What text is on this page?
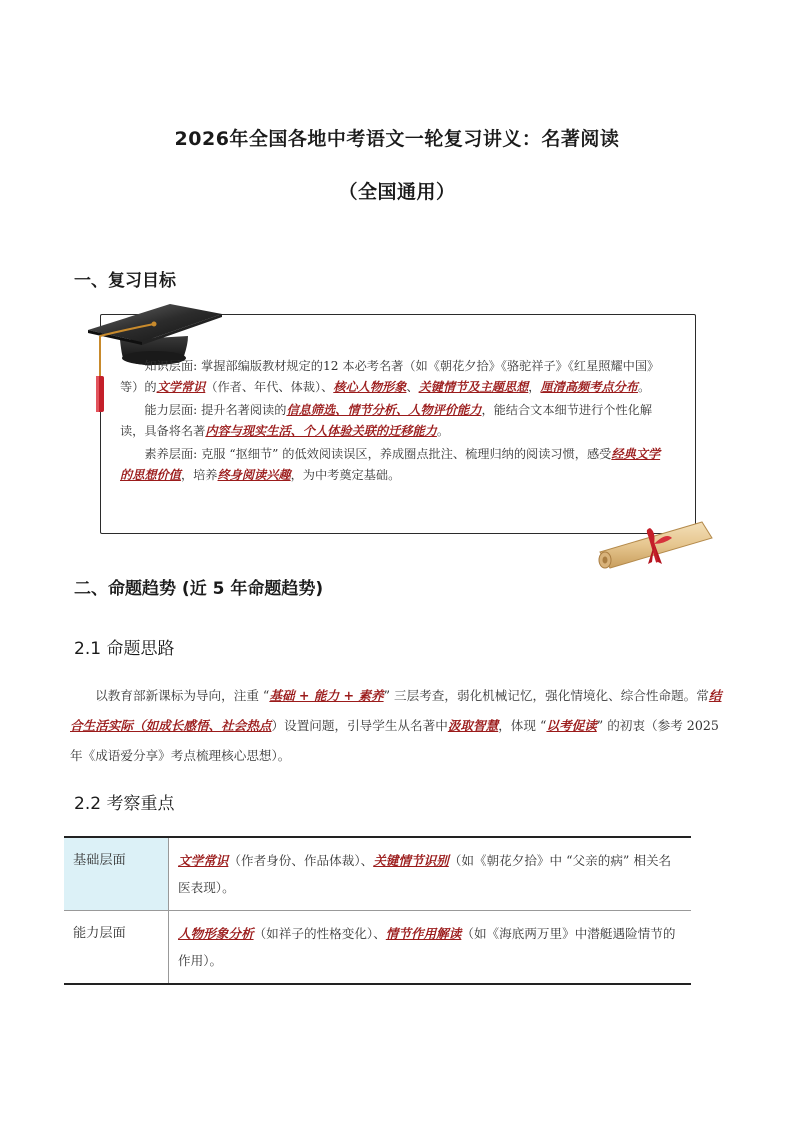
2026年全国各地中考语文一轮复习讲义：名著阅读
（全国通用）
一、复习目标

知识层面: 掌握部编版教材规定的12 本必考名著（如《朝花夕拾》《骆驼祥子》《红星照耀中国》等）的文学常识（作者、年代、体裁）、核心人物形象、关键情节及主题思想，厘清高频考点分布。

能力层面: 提升名著阅读的信息筛选、情节分析、人物评价能力，能结合文本细节进行个性化解读，具备将名著内容与现实生活、个人体验关联的迁移能力。

素养层面: 克服 “抠细节” 的低效阅读误区，养成圈点批注、梳理归纳的阅读习惯，感受经典文学的思想价值，培养终身阅读兴趣，为中考奠定基础。

二、命题趋势 (近 5 年命题趋势)
2.1 命题思路

以教育部新课标为导向，注重 “基础 + 能力 + 素养” 三层考查，弱化机械记忆，强化情境化、综合性命题。常结合生活实际（如成长感悟、社会热点）设置问题，引导学生从名著中汲取智慧，体现 “以考促读” 的初衷（参考 2025 年《成语爱分享》考点梳理核心思想）。

2.2 考察重点
基础层面	文学常识（作者身份、作品体裁）、关键情节识别（如《朝花夕拾》中 “父亲的病” 相关名医表现）。
能力层面	人物形象分析（如祥子的性格变化）、情节作用解读（如《海底两万里》中潜艇遇险情节的作用）。
